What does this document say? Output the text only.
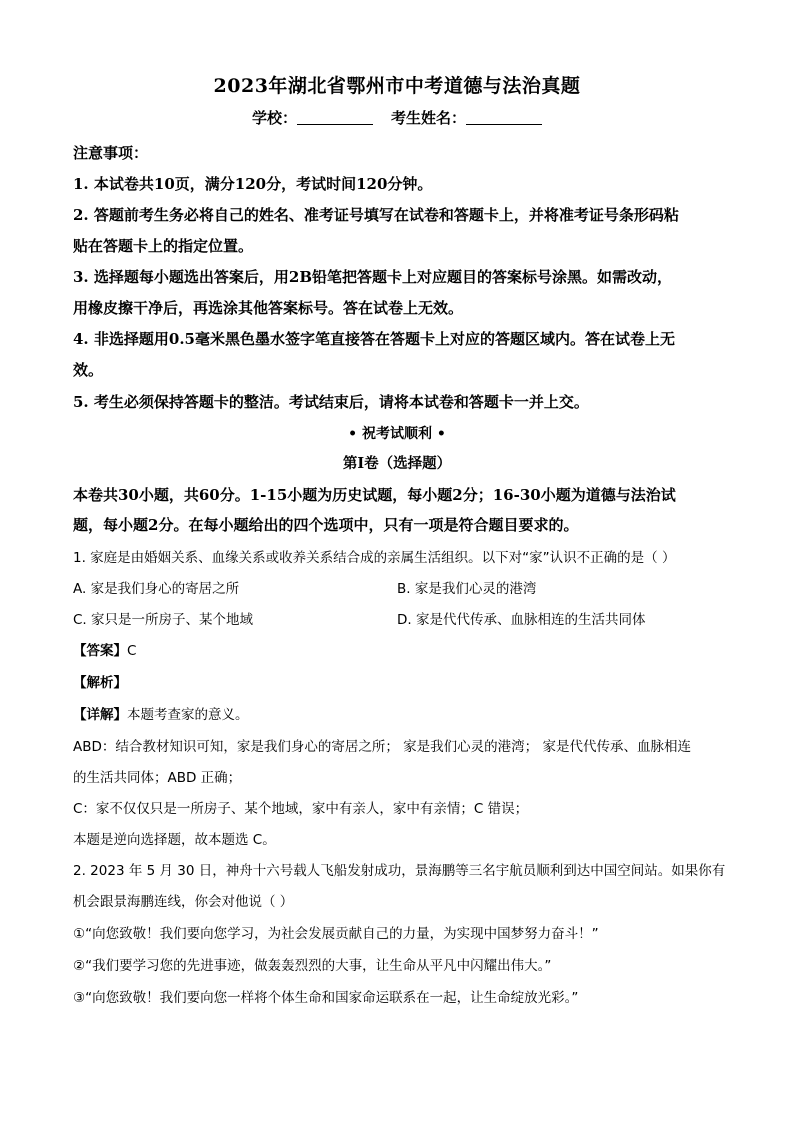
2023年湖北省鄂州市中考道德与法治真题
学校：	考生姓名：
注意事项：
1. 本试卷共10页，满分120分，考试时间120分钟。
2. 答题前考生务必将自己的姓名、准考证号填写在试卷和答题卡上，并将准考证号条形码粘
贴在答题卡上的指定位置。
3. 选择题每小题选出答案后，用2B铅笔把答题卡上对应题目的答案标号涂黑。如需改动，
用橡皮擦干净后，再选涂其他答案标号。答在试卷上无效。
4. 非选择题用0.5毫米黑色墨水签字笔直接答在答题卡上对应的答题区域内。答在试卷上无
效。
5. 考生必须保持答题卡的整洁。考试结束后，请将本试卷和答题卡一并上交。
• 祝考试顺利 •
第Ⅰ卷（选择题）
本卷共30小题，共60分。1-15小题为历史试题，每小题2分；16-30小题为道德与法治试
题，每小题2分。在每小题给出的四个选项中，只有一项是符合题目要求的。
1. 家庭是由婚姻关系、血缘关系或收养关系结合成的亲属生活组织。以下对“家”认识不正确的是（ ）
A. 家是我们身心的寄居之所	B. 家是我们心灵的港湾
C. 家只是一所房子、某个地域	D. 家是代代传承、血脉相连的生活共同体
【答案】C
【解析】
【详解】本题考查家的意义。
ABD：结合教材知识可知，家是我们身心的寄居之所； 家是我们心灵的港湾； 家是代代传承、血脉相连
的生活共同体；ABD 正确；
C：家不仅仅只是一所房子、某个地域，家中有亲人，家中有亲情；C 错误；
本题是逆向选择题，故本题选 C。
2. 2023 年 5 月 30 日，神舟十六号载人飞船发射成功，景海鹏等三名宇航员顺利到达中国空间站。如果你有
机会跟景海鹏连线，你会对他说（ ）
①“向您致敬！我们要向您学习，为社会发展贡献自己的力量，为实现中国梦努力奋斗！”
②“我们要学习您的先进事迹，做轰轰烈烈的大事，让生命从平凡中闪耀出伟大。”
③“向您致敬！我们要向您一样将个体生命和国家命运联系在一起，让生命绽放光彩。”
